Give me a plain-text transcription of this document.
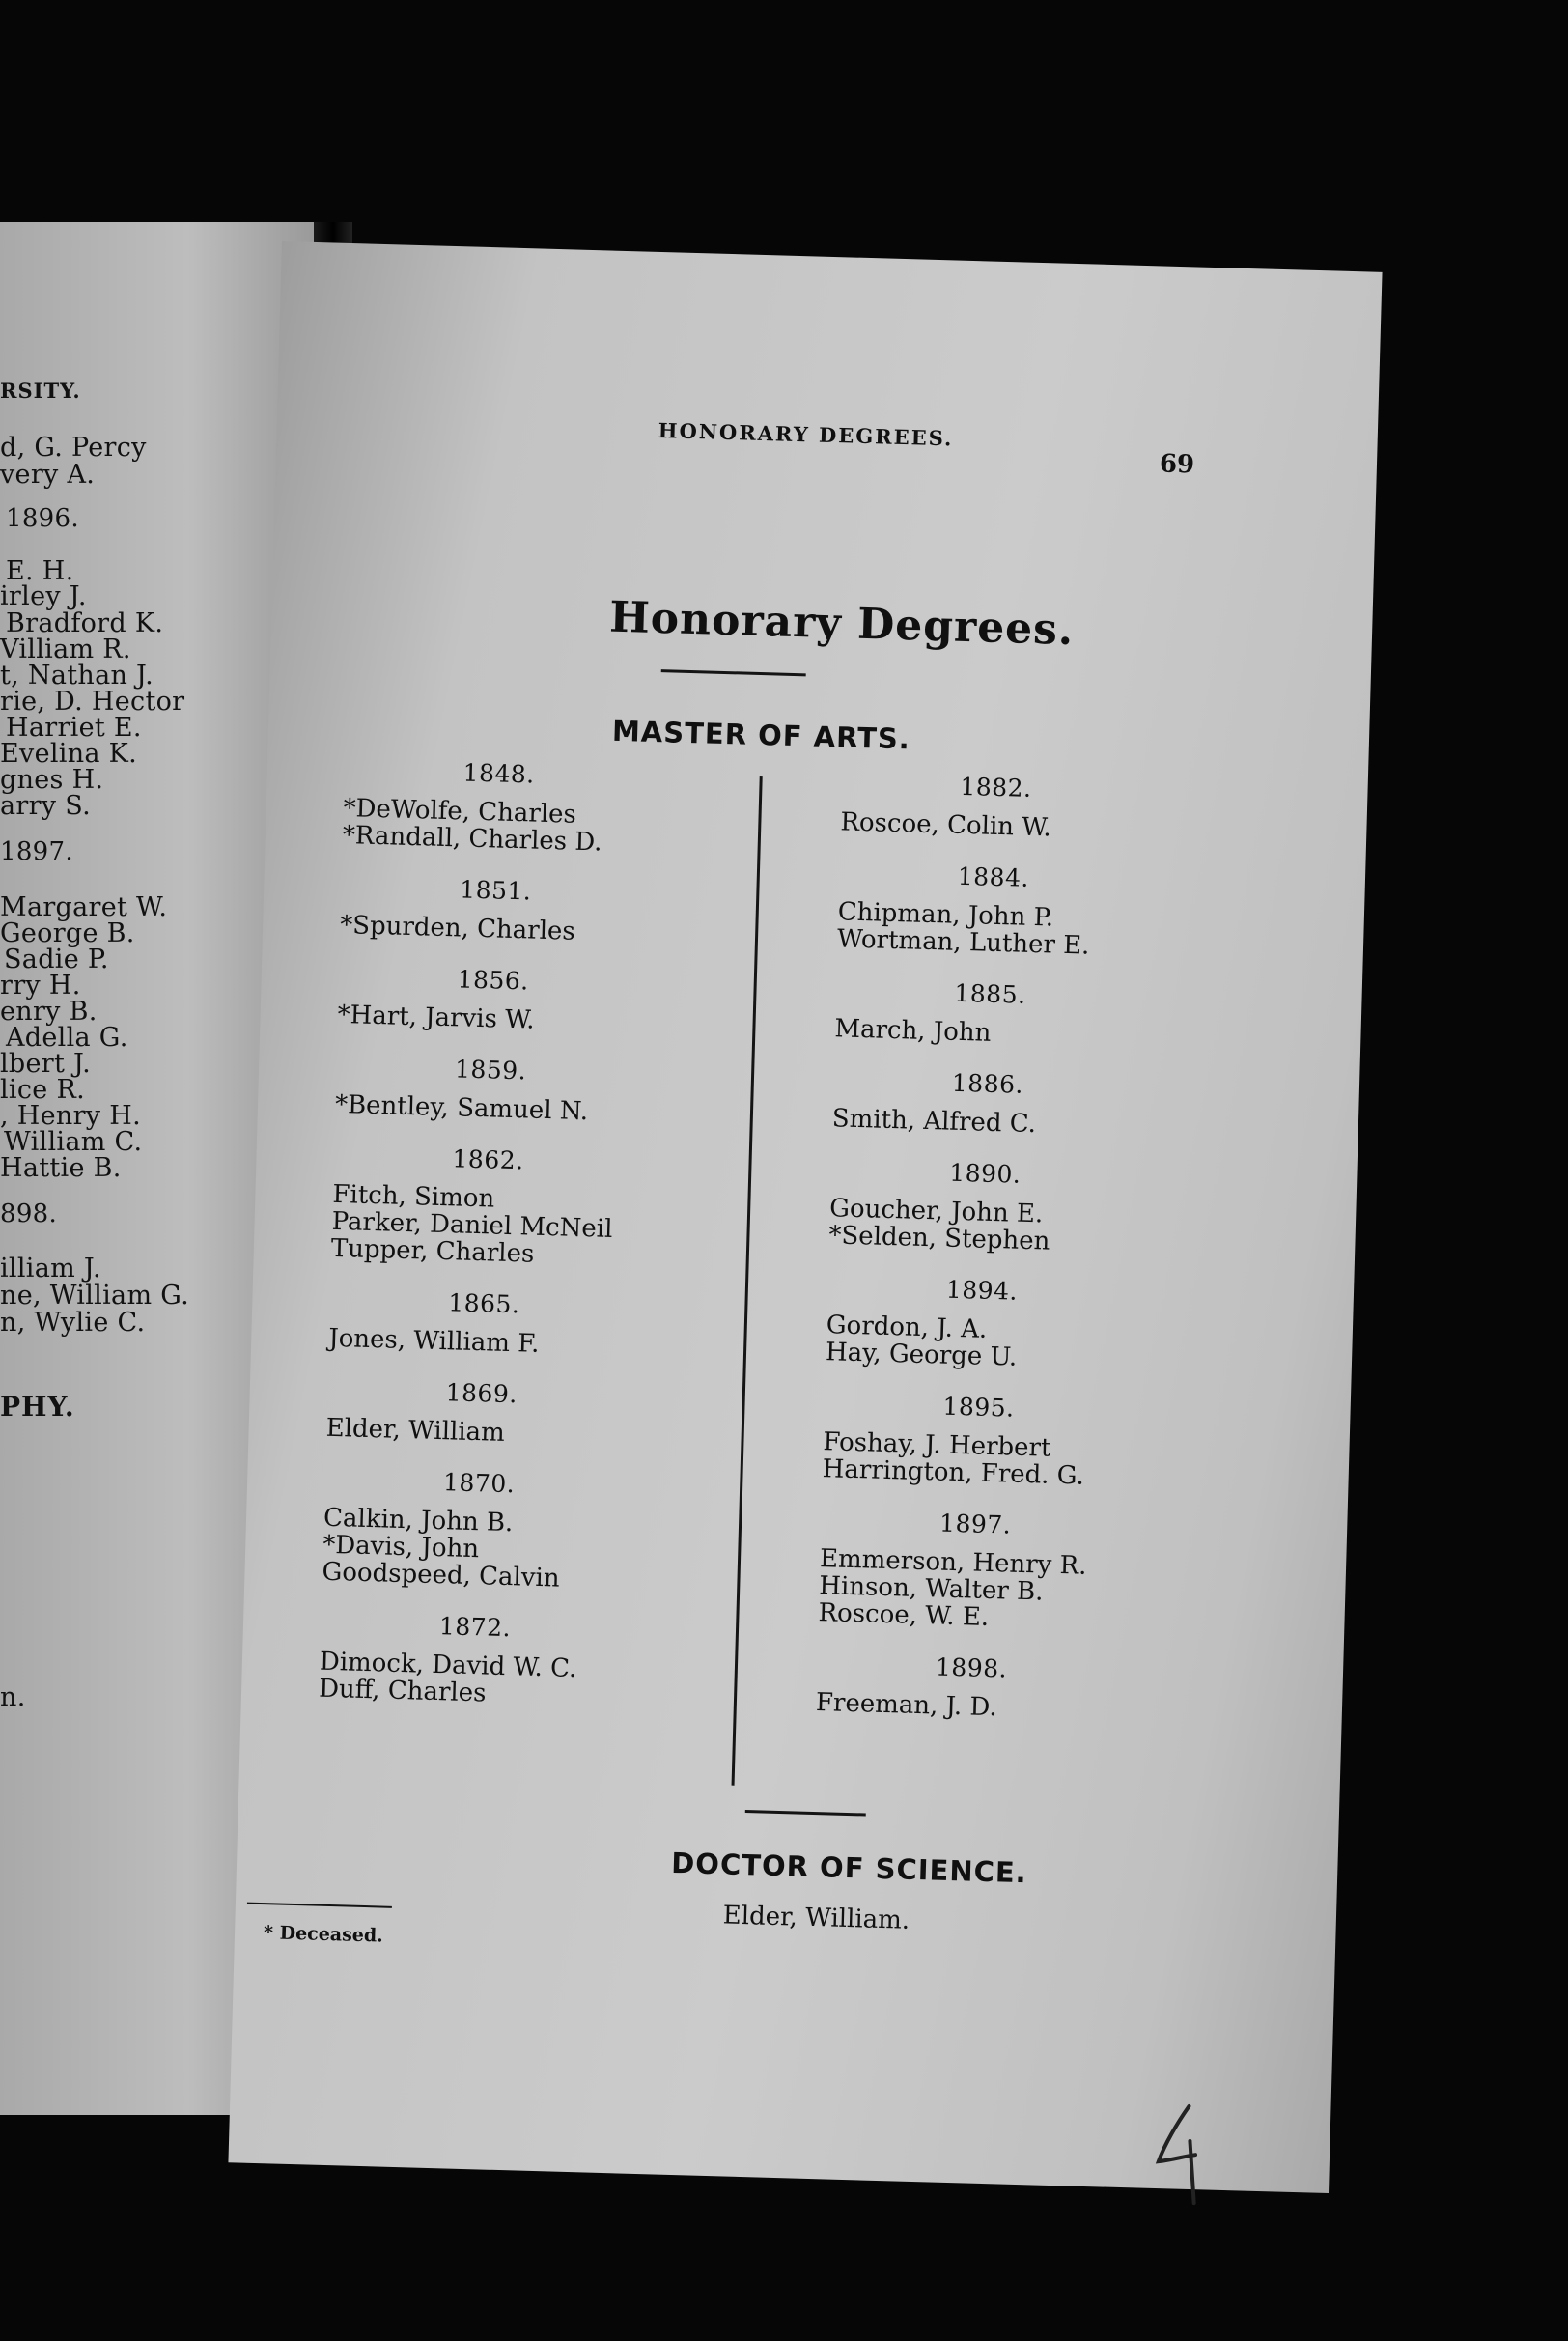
RSITY.
d, G. Percy
very A.
1896.
E. H.
irley J.
Bradford K.
Villiam R.
t, Nathan J.
rie, D. Hector
Harriet E.
Evelina K.
gnes H.
arry S.
1897.
Margaret W.
George B.
Sadie P.
rry H.
enry B.
Adella G.
lbert J.
lice R.
, Henry H.
William C.
Hattie B.
898.
illiam J.
ne, William G.
n, Wylie C.
PHY.
n.
HONORARY DEGREES.
69
Honorary Degrees.
MASTER OF ARTS.
1848.
*DeWolfe, Charles
*Randall, Charles D.
1851.
*Spurden, Charles
1856.
*Hart, Jarvis W.
1859.
*Bentley, Samuel N.
1862.
Fitch, Simon
Parker, Daniel McNeil
Tupper, Charles
1865.
Jones, William F.
1869.
Elder, William
1870.
Calkin, John B.
*Davis, John
Goodspeed, Calvin
1872.
Dimock, David W. C.
Duff, Charles
1882.
Roscoe, Colin W.
1884.
Chipman, John P.
Wortman, Luther E.
1885.
March, John
1886.
Smith, Alfred C.
1890.
Goucher, John E.
*Selden, Stephen
1894.
Gordon, J. A.
Hay, George U.
1895.
Foshay, J. Herbert
Harrington, Fred. G.
1897.
Emmerson, Henry R.
Hinson, Walter B.
Roscoe, W. E.
1898.
Freeman, J. D.
DOCTOR OF SCIENCE.
Elder, William.
* Deceased.
